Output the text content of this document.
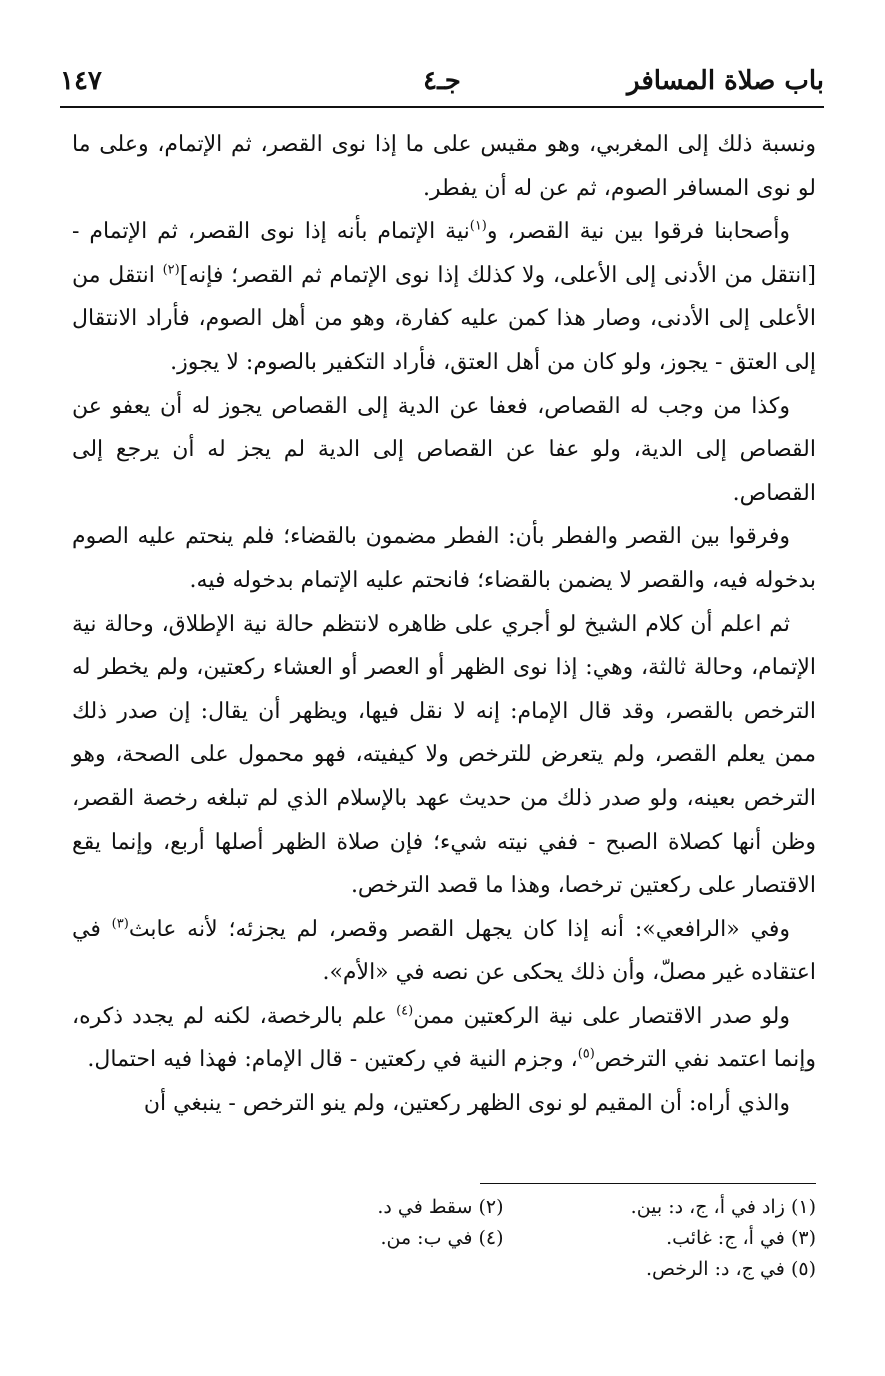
باب صلاة المسافر
جـ٤
١٤٧

ونسبة ذلك إلى المغربي، وهو مقيس على ما إذا نوى القصر، ثم الإتمام، وعلى ما لو نوى المسافر الصوم، ثم عن له أن يفطر.

وأصحابنا فرقوا بين نية القصر، و$^{(١)}$نية الإتمام بأنه إذا نوى القصر، ثم الإتمام - [انتقل من الأدنى إلى الأعلى، ولا كذلك إذا نوى الإتمام ثم القصر؛ فإنه]$^{(٢)}$ انتقل من الأعلى إلى الأدنى، وصار هذا كمن عليه كفارة، وهو من أهل الصوم، فأراد الانتقال إلى العتق - يجوز، ولو كان من أهل العتق، فأراد التكفير بالصوم: لا يجوز.

وكذا من وجب له القصاص، فعفا عن الدية إلى القصاص يجوز له أن يعفو عن القصاص إلى الدية، ولو عفا عن القصاص إلى الدية لم يجز له أن يرجع إلى القصاص.

وفرقوا بين القصر والفطر بأن: الفطر مضمون بالقضاء؛ فلم ينحتم عليه الصوم بدخوله فيه، والقصر لا يضمن بالقضاء؛ فانحتم عليه الإتمام بدخوله فيه.

ثم اعلم أن كلام الشيخ لو أجري على ظاهره لانتظم حالة نية الإطلاق، وحالة نية الإتمام، وحالة ثالثة، وهي: إذا نوى الظهر أو العصر أو العشاء ركعتين، ولم يخطر له الترخص بالقصر، وقد قال الإمام: إنه لا نقل فيها، ويظهر أن يقال: إن صدر ذلك ممن يعلم القصر، ولم يتعرض للترخص ولا كيفيته، فهو محمول على الصحة، وهو الترخص بعينه، ولو صدر ذلك من حديث عهد بالإسلام الذي لم تبلغه رخصة القصر، وظن أنها كصلاة الصبح - ففي نيته شيء؛ فإن صلاة الظهر أصلها أربع، وإنما يقع الاقتصار على ركعتين ترخصا، وهذا ما قصد الترخص.

وفي «الرافعي»: أنه إذا كان يجهل القصر وقصر، لم يجزئه؛ لأنه عابث$^{(٣)}$ في اعتقاده غير مصلّ، وأن ذلك يحكى عن نصه في «الأم».

ولو صدر الاقتصار على نية الركعتين ممن$^{(٤)}$ علم بالرخصة، لكنه لم يجدد ذكره، وإنما اعتمد نفي الترخص$^{(٥)}$، وجزم النية في ركعتين - قال الإمام: فهذا فيه احتمال.

والذي أراه: أن المقيم لو نوى الظهر ركعتين، ولم ينو الترخص - ينبغي أن

(١) زاد في أ، ج، د: بين.
(٢) سقط في د.
(٣) في أ، ج: غائب.
(٤) في ب: من.
(٥) في ج، د: الرخص.
